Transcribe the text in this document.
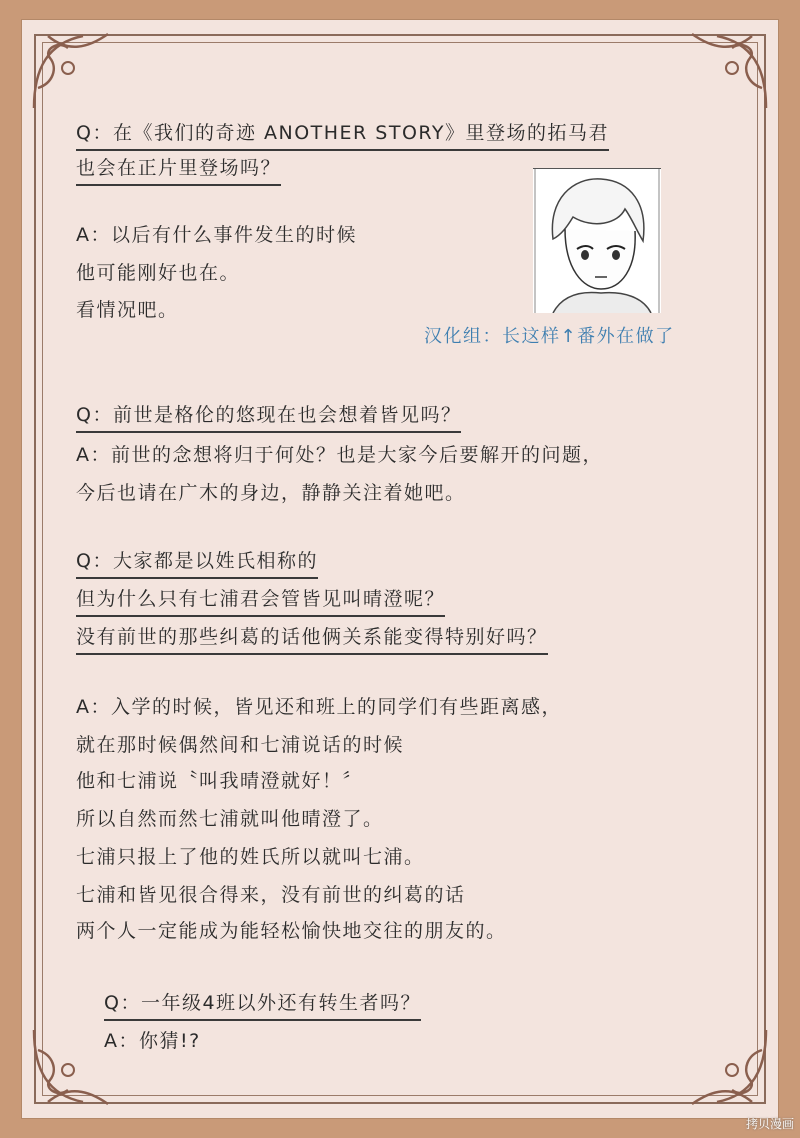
Q：在《我们的奇迹 ANOTHER STORY》里登场的拓马君
也会在正片里登场吗？
A：以后有什么事件发生的时候
他可能刚好也在。
看情况吧。
汉化组：长这样↑番外在做了
Q：前世是格伦的悠现在也会想着皆见吗？
A：前世的念想将归于何处？也是大家今后要解开的问题，
今后也请在广木的身边，静静关注着她吧。
Q：大家都是以姓氏相称的
但为什么只有七浦君会管皆见叫晴澄呢？
没有前世的那些纠葛的话他俩关系能变得特别好吗？
A：入学的时候，皆见还和班上的同学们有些距离感，
就在那时候偶然间和七浦说话的时候
他和七浦说〝叫我晴澄就好！〞
所以自然而然七浦就叫他晴澄了。
七浦只报上了他的姓氏所以就叫七浦。
七浦和皆见很合得来，没有前世的纠葛的话
两个人一定能成为能轻松愉快地交往的朋友的。
Q：一年级4班以外还有转生者吗？
A：你猜!?
拷贝漫画
